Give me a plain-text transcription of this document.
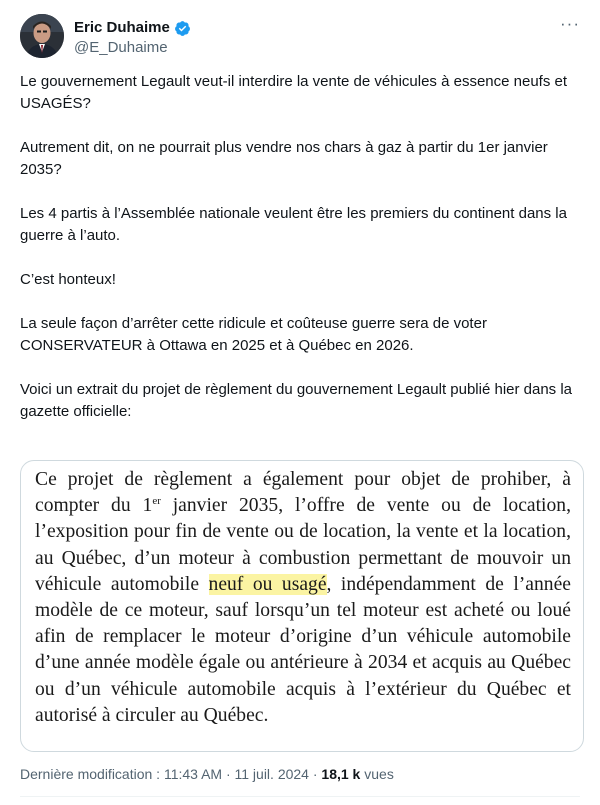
Eric Duhaime
@E_Duhaime
···

Le gouvernement Legault veut-il interdire la vente de véhicules à essence neufs et USAGÉS?

Autrement dit, on ne pourrait plus vendre nos chars à gaz à partir du 1er janvier 2035?

Les 4 partis à l’Assemblée nationale veulent être les premiers du continent dans la guerre à l’auto.

C’est honteux!

La seule façon d’arrêter cette ridicule et coûteuse guerre sera de voter CONSERVATEUR à Ottawa en 2025 et à Québec en 2026.

Voici un extrait du projet de règlement du gouvernement Legault publié hier dans la gazette officielle:

Ce projet de règlement a également pour objet de prohiber, à compter du 1er janvier 2035, l’offre de vente ou de location, l’exposition pour fin de vente ou de location, la vente et la location, au Québec, d’un moteur à combustion permettant de mouvoir un véhicule automobile neuf ou usagé, indépendamment de l’année modèle de ce moteur, sauf lorsqu’un tel moteur est acheté ou loué afin de remplacer le moteur d’origine d’un véhicule automobile d’une année modèle égale ou antérieure à 2034 et acquis au Québec ou d’un véhicule automobile acquis à l’extérieur du Québec et autorisé à circuler au Québec.
Dernière modification : 11:43 AM · 11 juil. 2024 · 18,1 k vues
